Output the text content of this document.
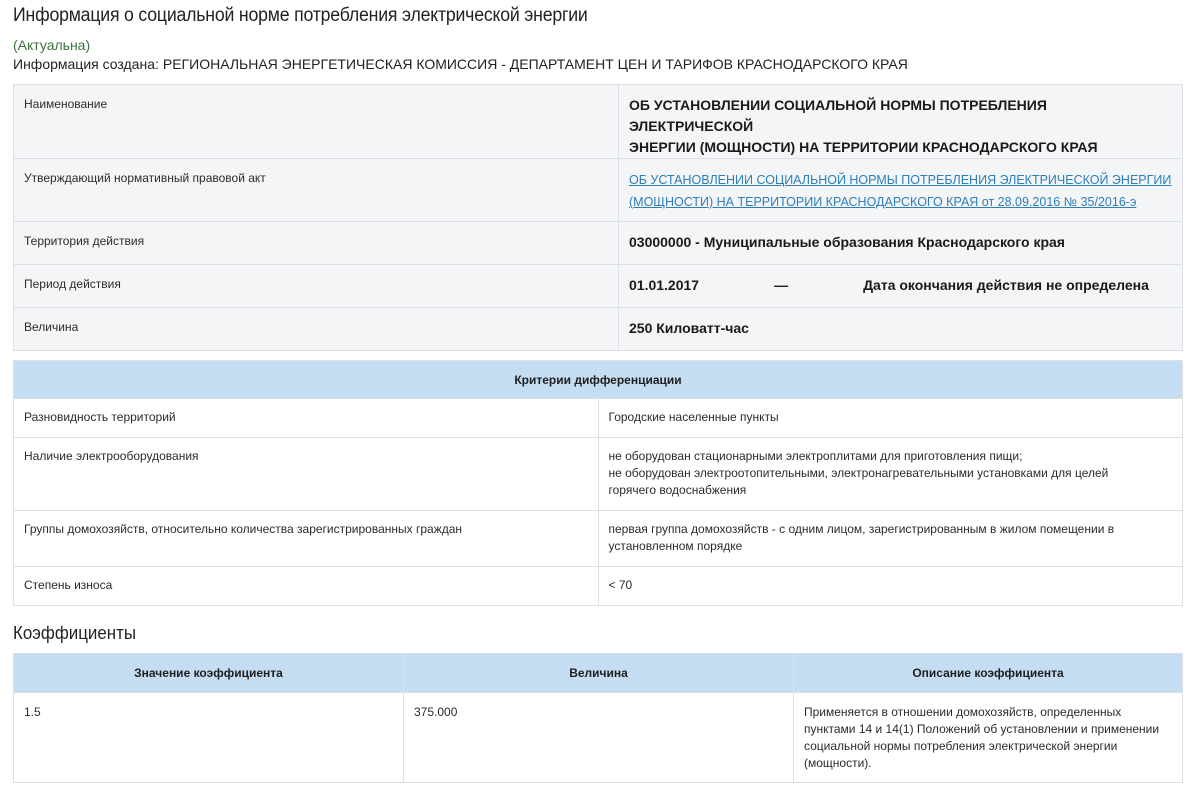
Информация о социальной норме потребления электрической энергии
(Актуальна)
Информация создана: РЕГИОНАЛЬНАЯ ЭНЕРГЕТИЧЕСКАЯ КОМИССИЯ - ДЕПАРТАМЕНТ ЦЕН И ТАРИФОВ КРАСНОДАРСКОГО КРАЯ
Наименование	ОБ УСТАНОВЛЕНИИ СОЦИАЛЬНОЙ НОРМЫ ПОТРЕБЛЕНИЯ ЭЛЕКТРИЧЕСКОЙ
ЭНЕРГИИ (МОЩНОСТИ) НА ТЕРРИТОРИИ КРАСНОДАРСКОГО КРАЯ

Утверждающий нормативный правовой акт	ОБ УСТАНОВЛЕНИИ СОЦИАЛЬНОЙ НОРМЫ ПОТРЕБЛЕНИЯ ЭЛЕКТРИЧЕСКОЙ ЭНЕРГИИ
(МОЩНОСТИ) НА ТЕРРИТОРИИ КРАСНОДАРСКОГО КРАЯ от 28.09.2016 № 35/2016-э
Территория действия	03000000 - Муниципальные образования Краснодарского края
Период действия	01.01.2017 — Дата окончания действия не определена
Величина	250 Киловатт-час
Критерии дифференциации	
Разновидность территорий	Городские населенные пункты

Наличие электрооборудования	не оборудован стационарными электроплитами для приготовления пищи;
не оборудован электроотопительными, электронагревательными установками для целей
горячего водоснабжения

Группы домохозяйств, относительно количества зарегистрированных граждан	первая группа домохозяйств - с одним лицом, зарегистрированным в жилом помещении в
установленном порядке

Степень износа	< 70
Коэффициенты
Значение коэффициента	Величина	Описание коэффициента
1.5	375.000	Применяется в отношении домохозяйств, определенных
пунктами 14 и 14(1) Положений об установлении и применении
социальной нормы потребления электрической энергии
(мощности).
